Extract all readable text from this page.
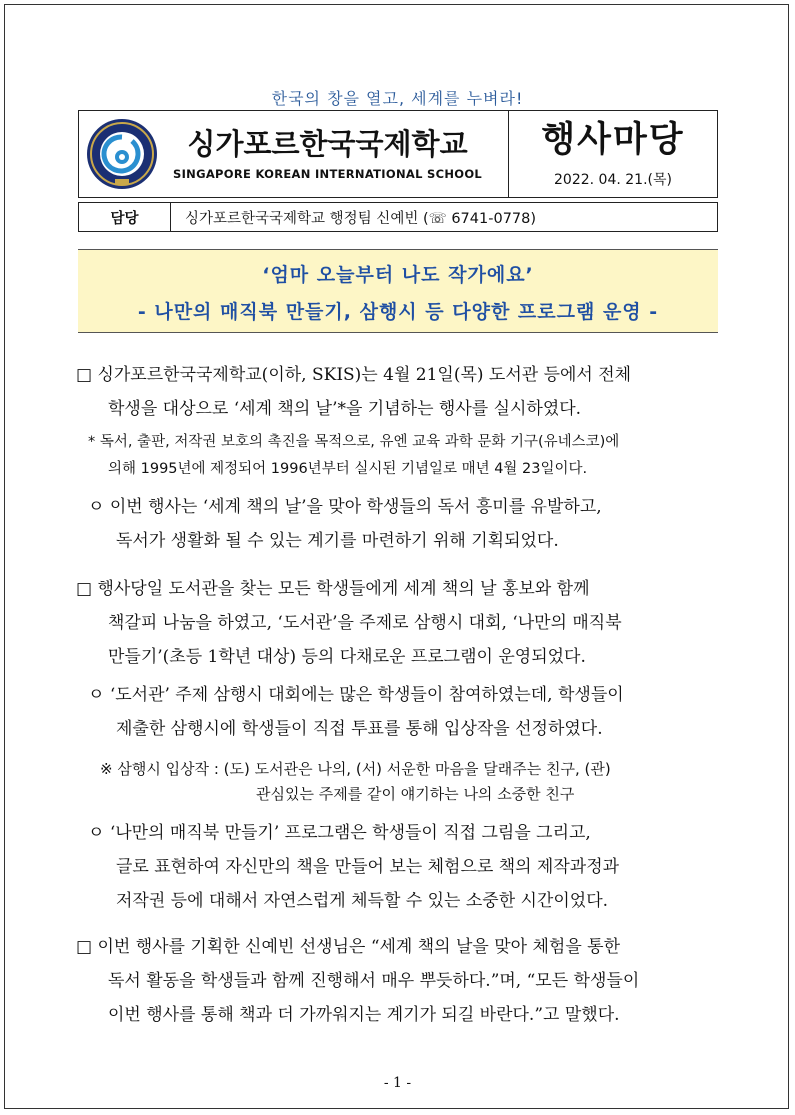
한국의 창을 열고, 세계를 누벼라!
싱가포르한국국제학교
SINGAPORE KOREAN INTERNATIONAL SCHOOL
행사마당
2022. 04. 21.(목)
담당	싱가포르한국국제학교 행정팀 신예빈 (☏ 6741-0778)
‘엄마 오늘부터 나도 작가에요’
- 나만의 매직북 만들기, 삼행시 등 다양한 프로그램 운영 -
□ 싱가포르한국국제학교(이하, SKIS)는 4월 21일(목) 도서관 등에서 전체
학생을 대상으로 ‘세계 책의 날’*을 기념하는 행사를 실시하였다.
* 독서, 출판, 저작권 보호의 촉진을 목적으로, 유엔 교육 과학 문화 기구(유네스코)에
의해 1995년에 제정되어 1996년부터 실시된 기념일로 매년 4월 23일이다.
ㅇ 이번 행사는 ‘세계 책의 날’을 맞아 학생들의 독서 흥미를 유발하고,
독서가 생활화 될 수 있는 계기를 마련하기 위해 기획되었다.
□ 행사당일 도서관을 찾는 모든 학생들에게 세계 책의 날 홍보와 함께
책갈피 나눔을 하였고, ‘도서관’을 주제로 삼행시 대회, ‘나만의 매직북
만들기’(초등 1학년 대상) 등의 다채로운 프로그램이 운영되었다.
ㅇ ‘도서관’ 주제 삼행시 대회에는 많은 학생들이 참여하였는데, 학생들이
제출한 삼행시에 학생들이 직접 투표를 통해 입상작을 선정하였다.
※ 삼행시 입상작 : (도) 도서관은 나의, (서) 서운한 마음을 달래주는 친구, (관)
관심있는 주제를 같이 얘기하는 나의 소중한 친구
ㅇ ‘나만의 매직북 만들기’ 프로그램은 학생들이 직접 그림을 그리고,
글로 표현하여 자신만의 책을 만들어 보는 체험으로 책의 제작과정과
저작권 등에 대해서 자연스럽게 체득할 수 있는 소중한 시간이었다.
□ 이번 행사를 기획한 신예빈 선생님은 “세계 책의 날을 맞아 체험을 통한
독서 활동을 학생들과 함께 진행해서 매우 뿌듯하다.”며, “모든 학생들이
이번 행사를 통해 책과 더 가까워지는 계기가 되길 바란다.”고 말했다.
- 1 -
